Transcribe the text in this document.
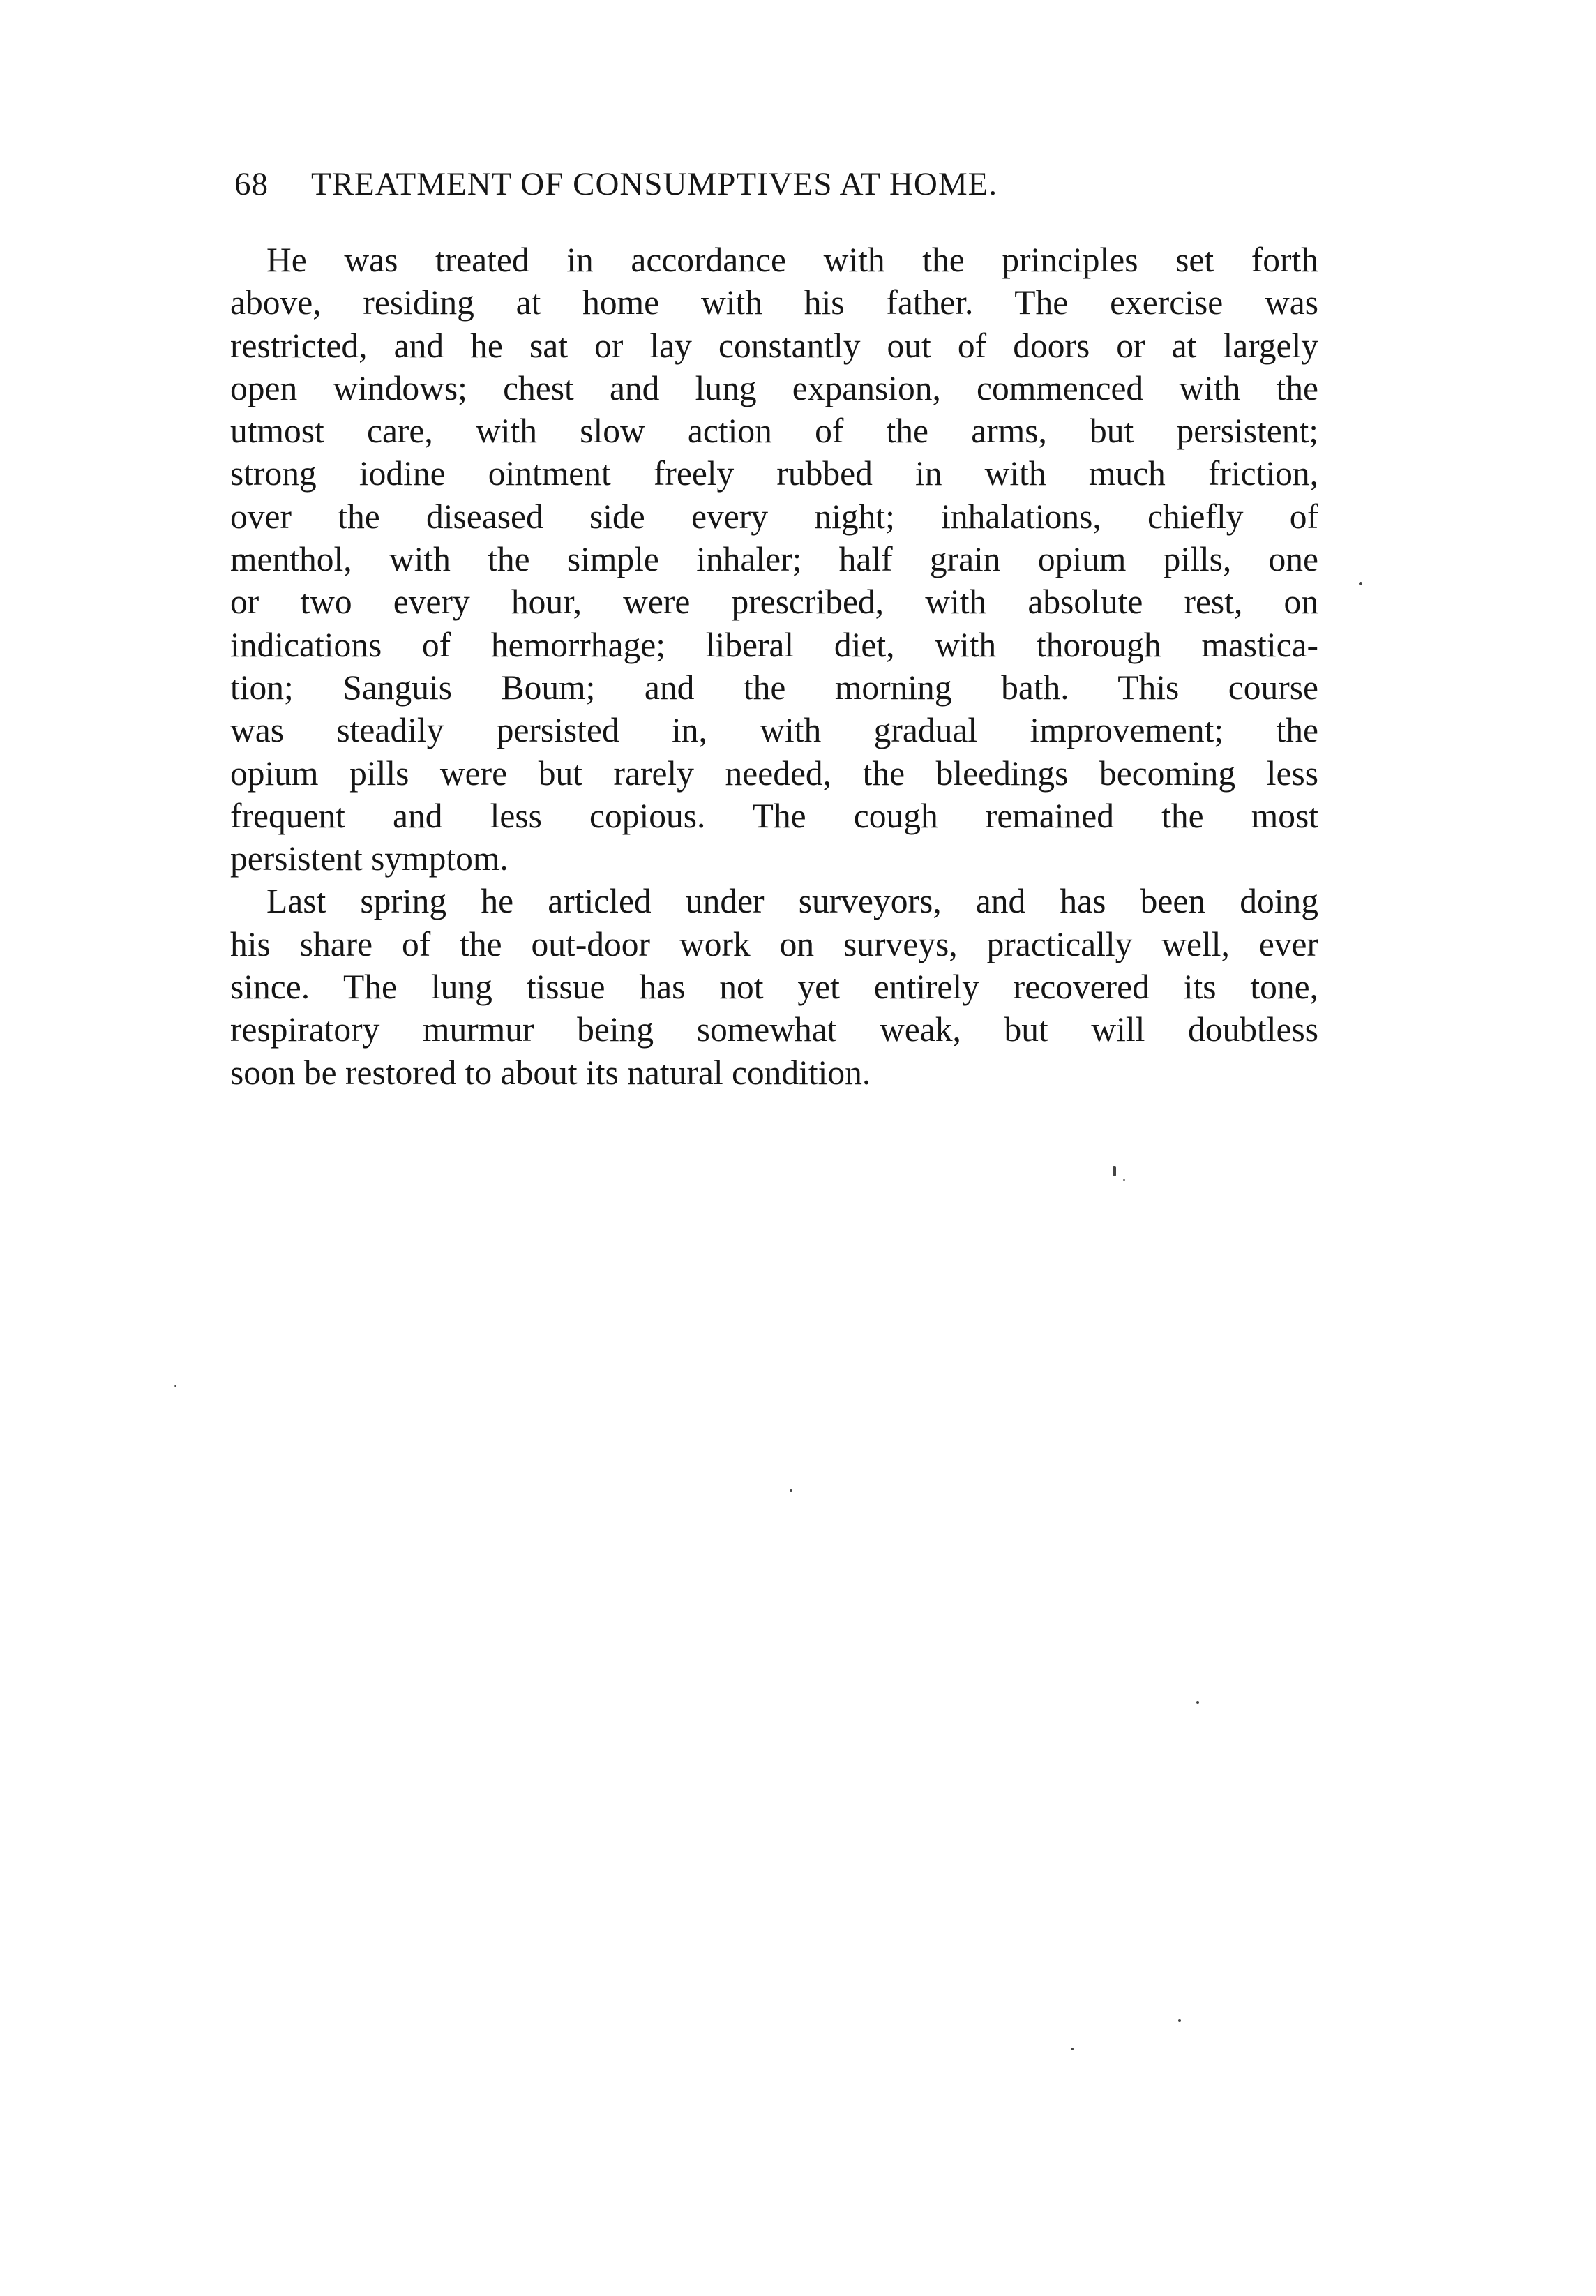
68 TREATMENT OF CONSUMPTIVES AT HOME.

He was treated in accordance with the principles set forth
above, residing at home with his father. The exercise was
restricted, and he sat or lay constantly out of doors or at largely
open windows; chest and lung expansion, commenced with the
utmost care, with slow action of the arms, but persistent;
strong iodine ointment freely rubbed in with much friction,
over the diseased side every night; inhalations, chiefly of
menthol, with the simple inhaler; half grain opium pills, one
or two every hour, were prescribed, with absolute rest, on
indications of hemorrhage; liberal diet, with thorough mastica-
tion; Sanguis Boum; and the morning bath. This course
was steadily persisted in, with gradual improvement; the
opium pills were but rarely needed, the bleedings becoming less
frequent and less copious. The cough remained the most
persistent symptom.

Last spring he articled under surveyors, and has been doing
his share of the out-door work on surveys, practically well, ever
since. The lung tissue has not yet entirely recovered its tone,
respiratory murmur being somewhat weak, but will doubtless
soon be restored to about its natural condition.
